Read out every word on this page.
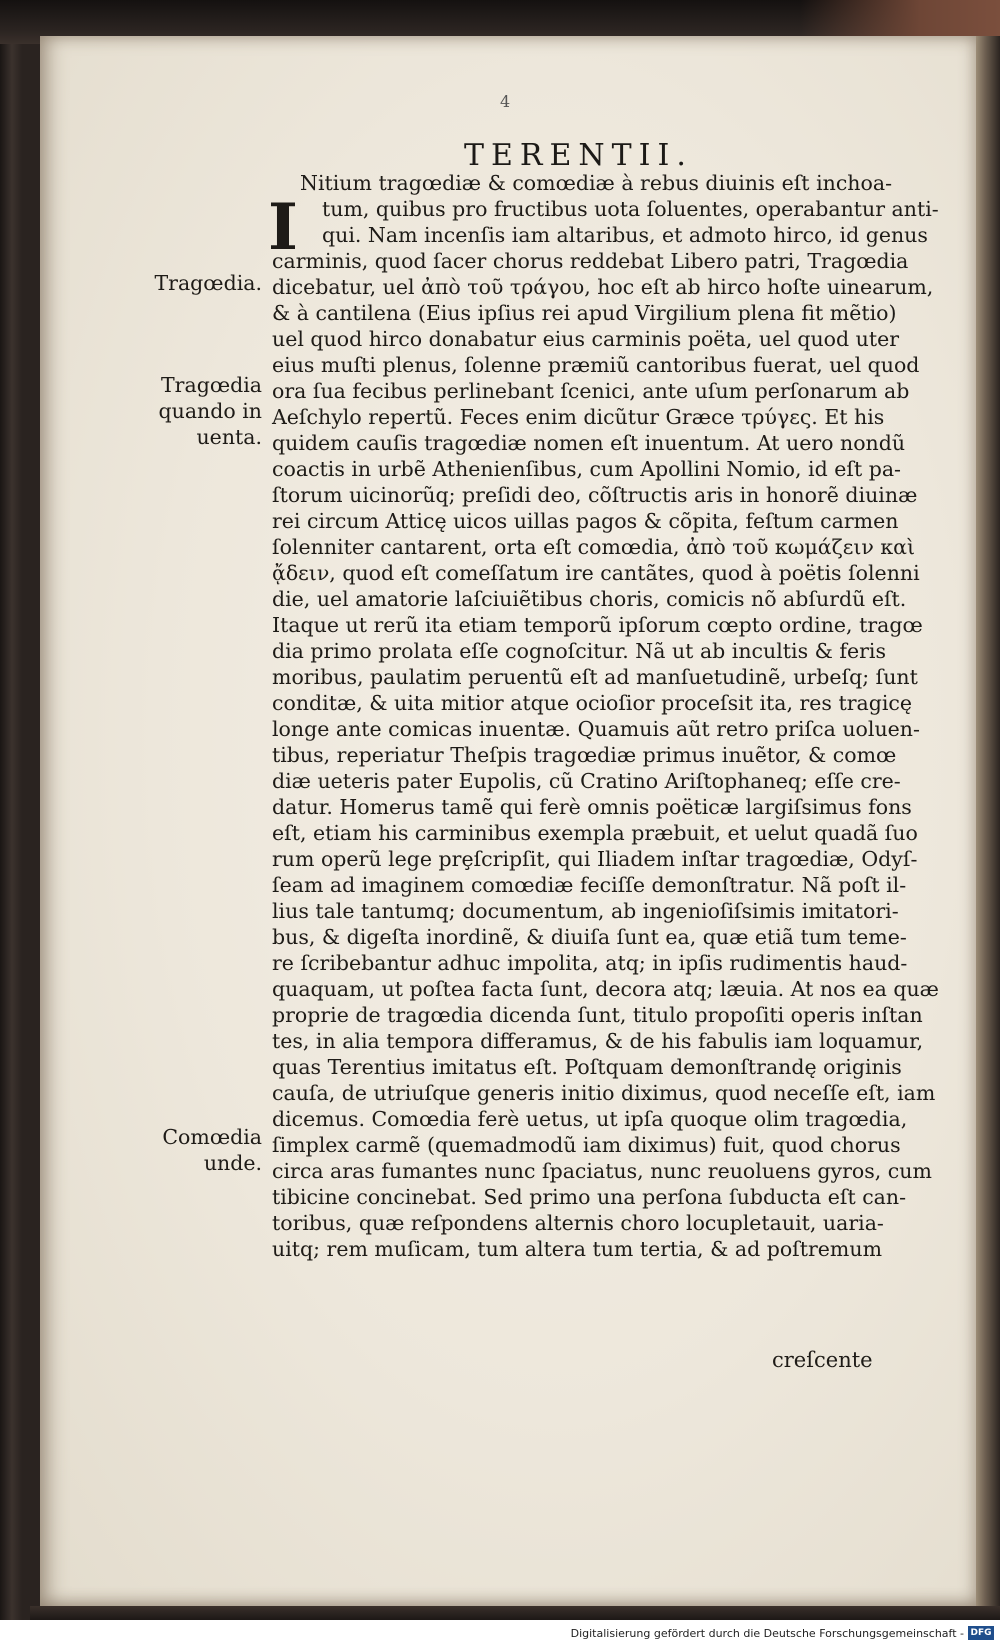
4
TERENTII.
I
Tragœdia.
Tragœdia
quando in
uenta.
Comœdia
unde.
Nitium tragœdiæ & comœdiæ à rebus diuinis eſt inchoa-
tum, quibus pro fructibus uota ſoluentes, operabantur anti-
qui. Nam incenſis iam altaribus, et admoto hirco, id genus
carminis, quod ſacer chorus reddebat Libero patri, Tragœdia
dicebatur, uel ἀπὸ τοῦ τράγου, hoc eſt ab hirco hoſte uinearum,
& à cantilena (Eius ipſius rei apud Virgilium plena fit mẽtio)
uel quod hirco donabatur eius carminis poëta, uel quod uter
eius muſti plenus, ſolenne præmiũ cantoribus fuerat, uel quod
ora ſua fecibus perlinebant ſcenici, ante uſum perſonarum ab
Aeſchylo repertũ. Feces enim dicũtur Græce τρύγες. Et his
quidem cauſis tragœdiæ nomen eſt inuentum. At uero nondũ
coactis in urbẽ Athenienſibus, cum Apollini Nomio, id eſt pa-
ſtorum uicinorũq; preſidi deo, cõſtructis aris in honorẽ diuinæ
rei circum Atticę uicos uillas pagos & cõpita, feſtum carmen
ſolenniter cantarent, orta eſt comœdia, ἀπὸ τοῦ κωμάζειν καὶ
ᾄδειν, quod eſt comeſſatum ire cantãtes, quod à poëtis ſolenni
die, uel amatorie laſciuiẽtibus choris, comicis nõ abſurdũ eſt.
Itaque ut rerũ ita etiam temporũ ipſorum cœpto ordine, tragœ
dia primo prolata eſſe cognoſcitur. Nã ut ab incultis & feris
moribus, paulatim peruentũ eſt ad manſuetudinẽ, urbeſq; ſunt
conditæ, & uita mitior atque ocioſior proceſsit ita, res tragicę
longe ante comicas inuentæ. Quamuis aũt retro priſca uoluen-
tibus, reperiatur Theſpis tragœdiæ primus inuẽtor, & comœ
diæ ueteris pater Eupolis, cũ Cratino Ariſtophaneq; eſſe cre-
datur. Homerus tamẽ qui ferè omnis poëticæ largiſsimus fons
eſt, etiam his carminibus exempla præbuit, et uelut quadã ſuo
rum operũ lege prȩſcripſit, qui Iliadem inſtar tragœdiæ, Odyſ-
ſeam ad imaginem comœdiæ feciſſe demonſtratur. Nã poſt il-
lius tale tantumq; documentum, ab ingenioſiſsimis imitatori-
bus, & digeſta inordinẽ, & diuiſa ſunt ea, quæ etiã tum teme-
re ſcribebantur adhuc impolita, atq; in ipſis rudimentis haud-
quaquam, ut poſtea facta ſunt, decora atq; læuia. At nos ea quæ
proprie de tragœdia dicenda ſunt, titulo propoſiti operis inſtan
tes, in alia tempora differamus, & de his fabulis iam loquamur,
quas Terentius imitatus eſt. Poſtquam demonſtrandę originis
cauſa, de utriuſque generis initio diximus, quod neceſſe eſt, iam
dicemus. Comœdia ferè uetus, ut ipſa quoque olim tragœdia,
ſimplex carmẽ (quemadmodũ iam diximus) fuit, quod chorus
circa aras fumantes nunc ſpaciatus, nunc reuoluens gyros, cum
tibicine concinebat. Sed primo una perſona ſubducta eſt can-
toribus, quæ reſpondens alternis choro locupletauit, uaria-
uitq; rem muſicam, tum altera tum tertia, & ad poſtremum
creſcente
Digitalisierung gefördert durch die Deutsche Forschungsgemeinschaft - DFG
